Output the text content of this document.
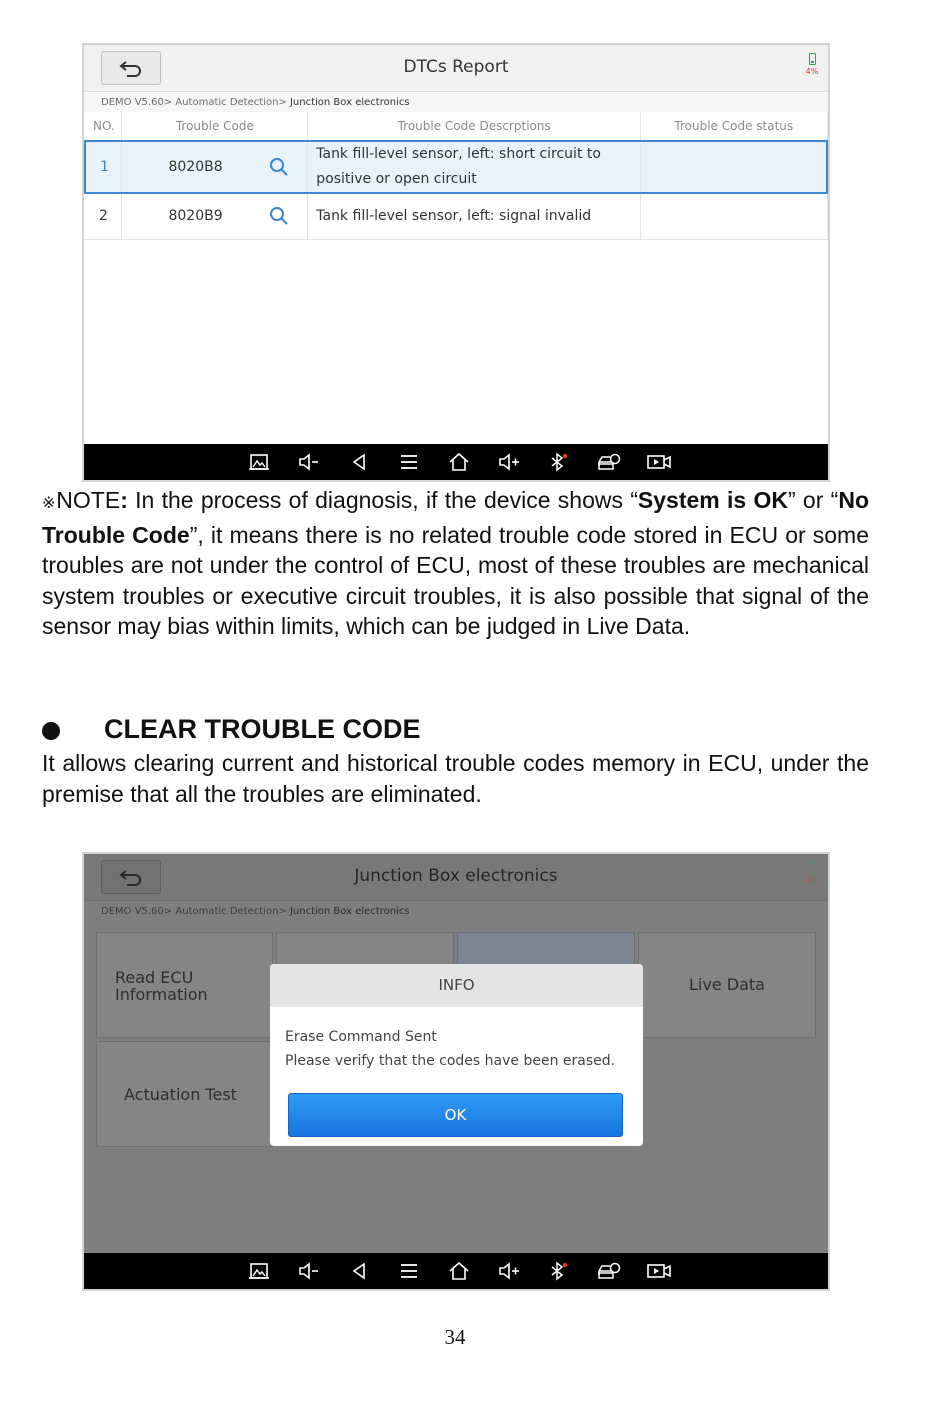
DTCs Report	4%
DEMO V5.60> Automatic Detection> Junction Box electronics
NO.	Trouble Code	Trouble Code Descrptions	Trouble Code status
1	8020B8	Tank fill-level sensor, left: short circuit to positive or open circuit	
2	8020B9	Tank fill-level sensor, left: signal invalid	
※NOTE: In the process of diagnosis, if the device shows “System is OK” or “No Trouble Code”, it means there is no related trouble code stored in ECU or some troubles are not under the control of ECU, most of these troubles are mechanical system troubles or executive circuit troubles, it is also possible that signal of the sensor may bias within limits, which can be judged in Live Data.
CLEAR TROUBLE CODE
It allows clearing current and historical trouble codes memory in ECU, under the premise that all the troubles are eliminated.
Junction Box electronics	4%
DEMO V5.60> Automatic Detection> Junction Box electronics
Read ECU
Information
Live Data
Actuation Test
INFO
Erase Command Sent
Please verify that the codes have been erased.
OK
34
